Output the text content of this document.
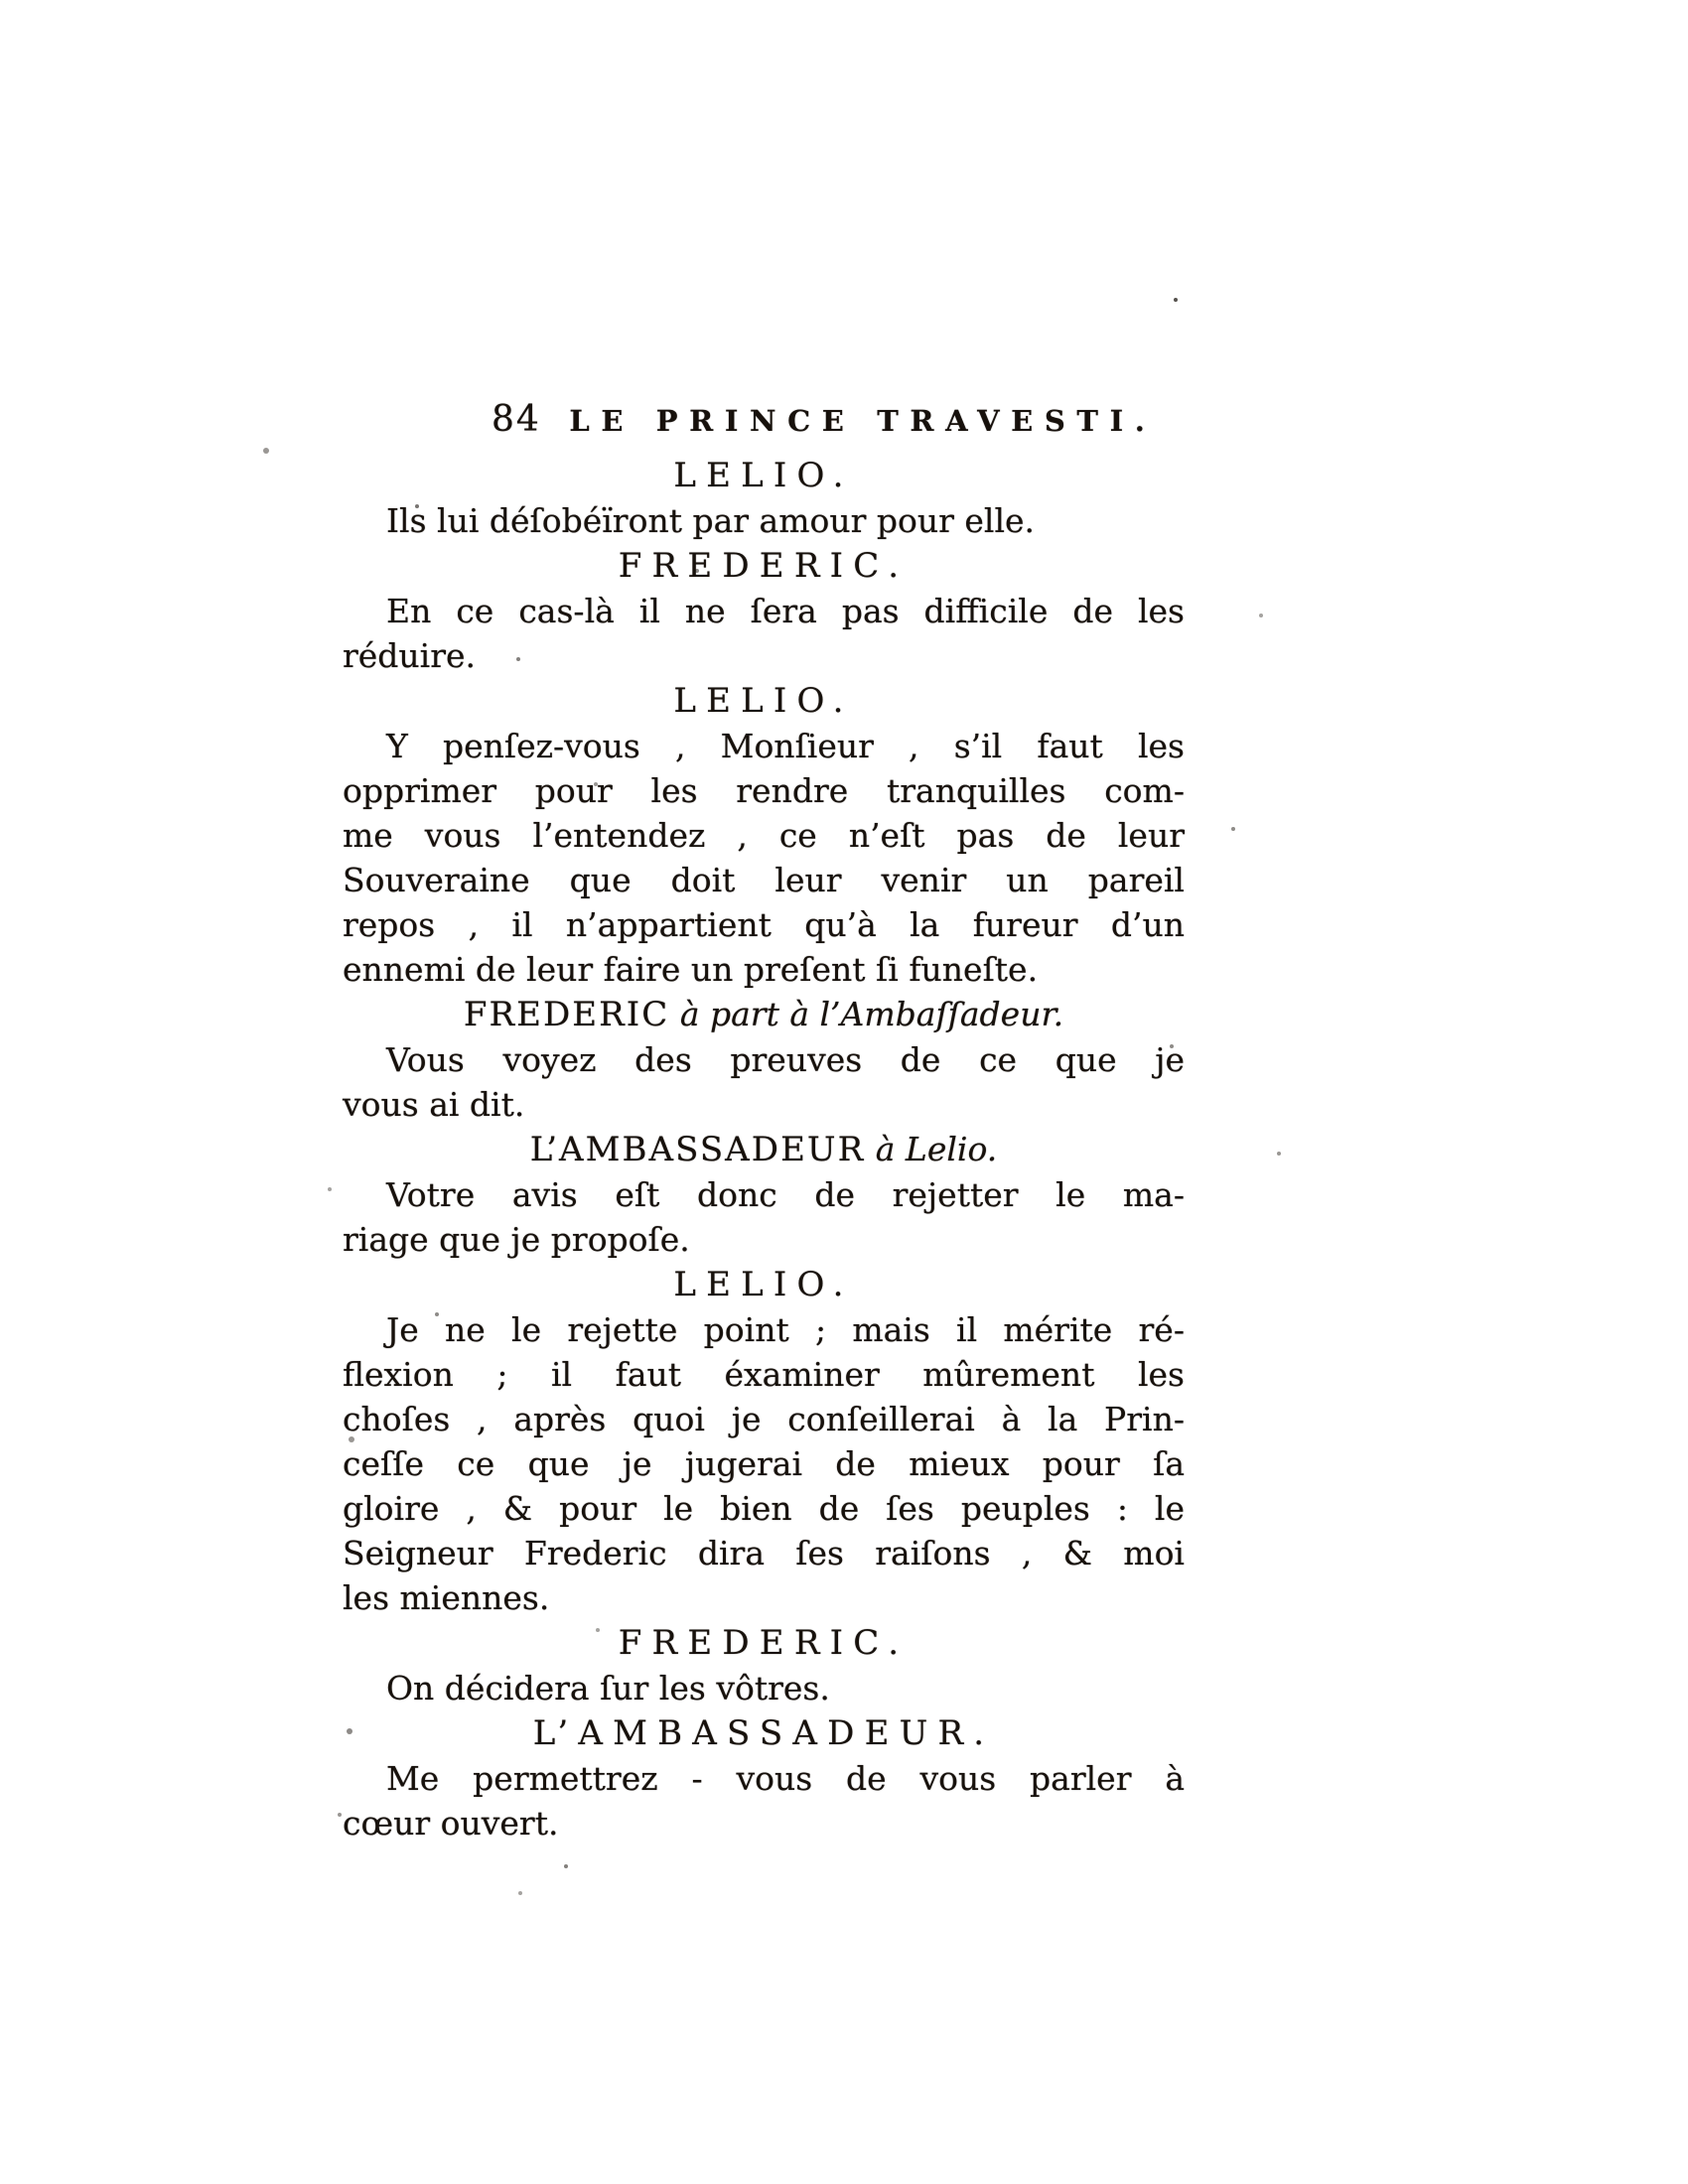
84 LE PRINCE TRAVESTI.
LELIO.
Ils lui déſobéïront par amour pour elle.
FREDERIC.
En ce cas-là il ne ſera pas difficile de les
réduire.
LELIO.
Y penſez-vous , Monſieur , s’il faut les
opprimer pour les rendre tranquilles com-
me vous l’entendez , ce n’eſt pas de leur
Souveraine que doit leur venir un pareil
repos , il n’appartient qu’à la fureur d’un
ennemi de leur faire un preſent ſi funeſte.
FREDERIC à part à l’Ambaſſadeur.
Vous voyez des preuves de ce que je
vous ai dit.
L’AMBASSADEUR à Lelio.
Votre avis eſt donc de rejetter le ma-
riage que je propoſe.
LELIO.
Je ne le rejette point ; mais il mérite ré-
flexion ; il faut éxaminer mûrement les
choſes , après quoi je conſeillerai à la Prin-
ceſſe ce que je jugerai de mieux pour ſa
gloire , & pour le bien de ſes peuples : le
Seigneur Frederic dira ſes raiſons , & moi
les miennes.
FREDERIC.
On décidera ſur les vôtres.
L’AMBASSADEUR.
Me permettrez - vous de vous parler à
cœur ouvert.
